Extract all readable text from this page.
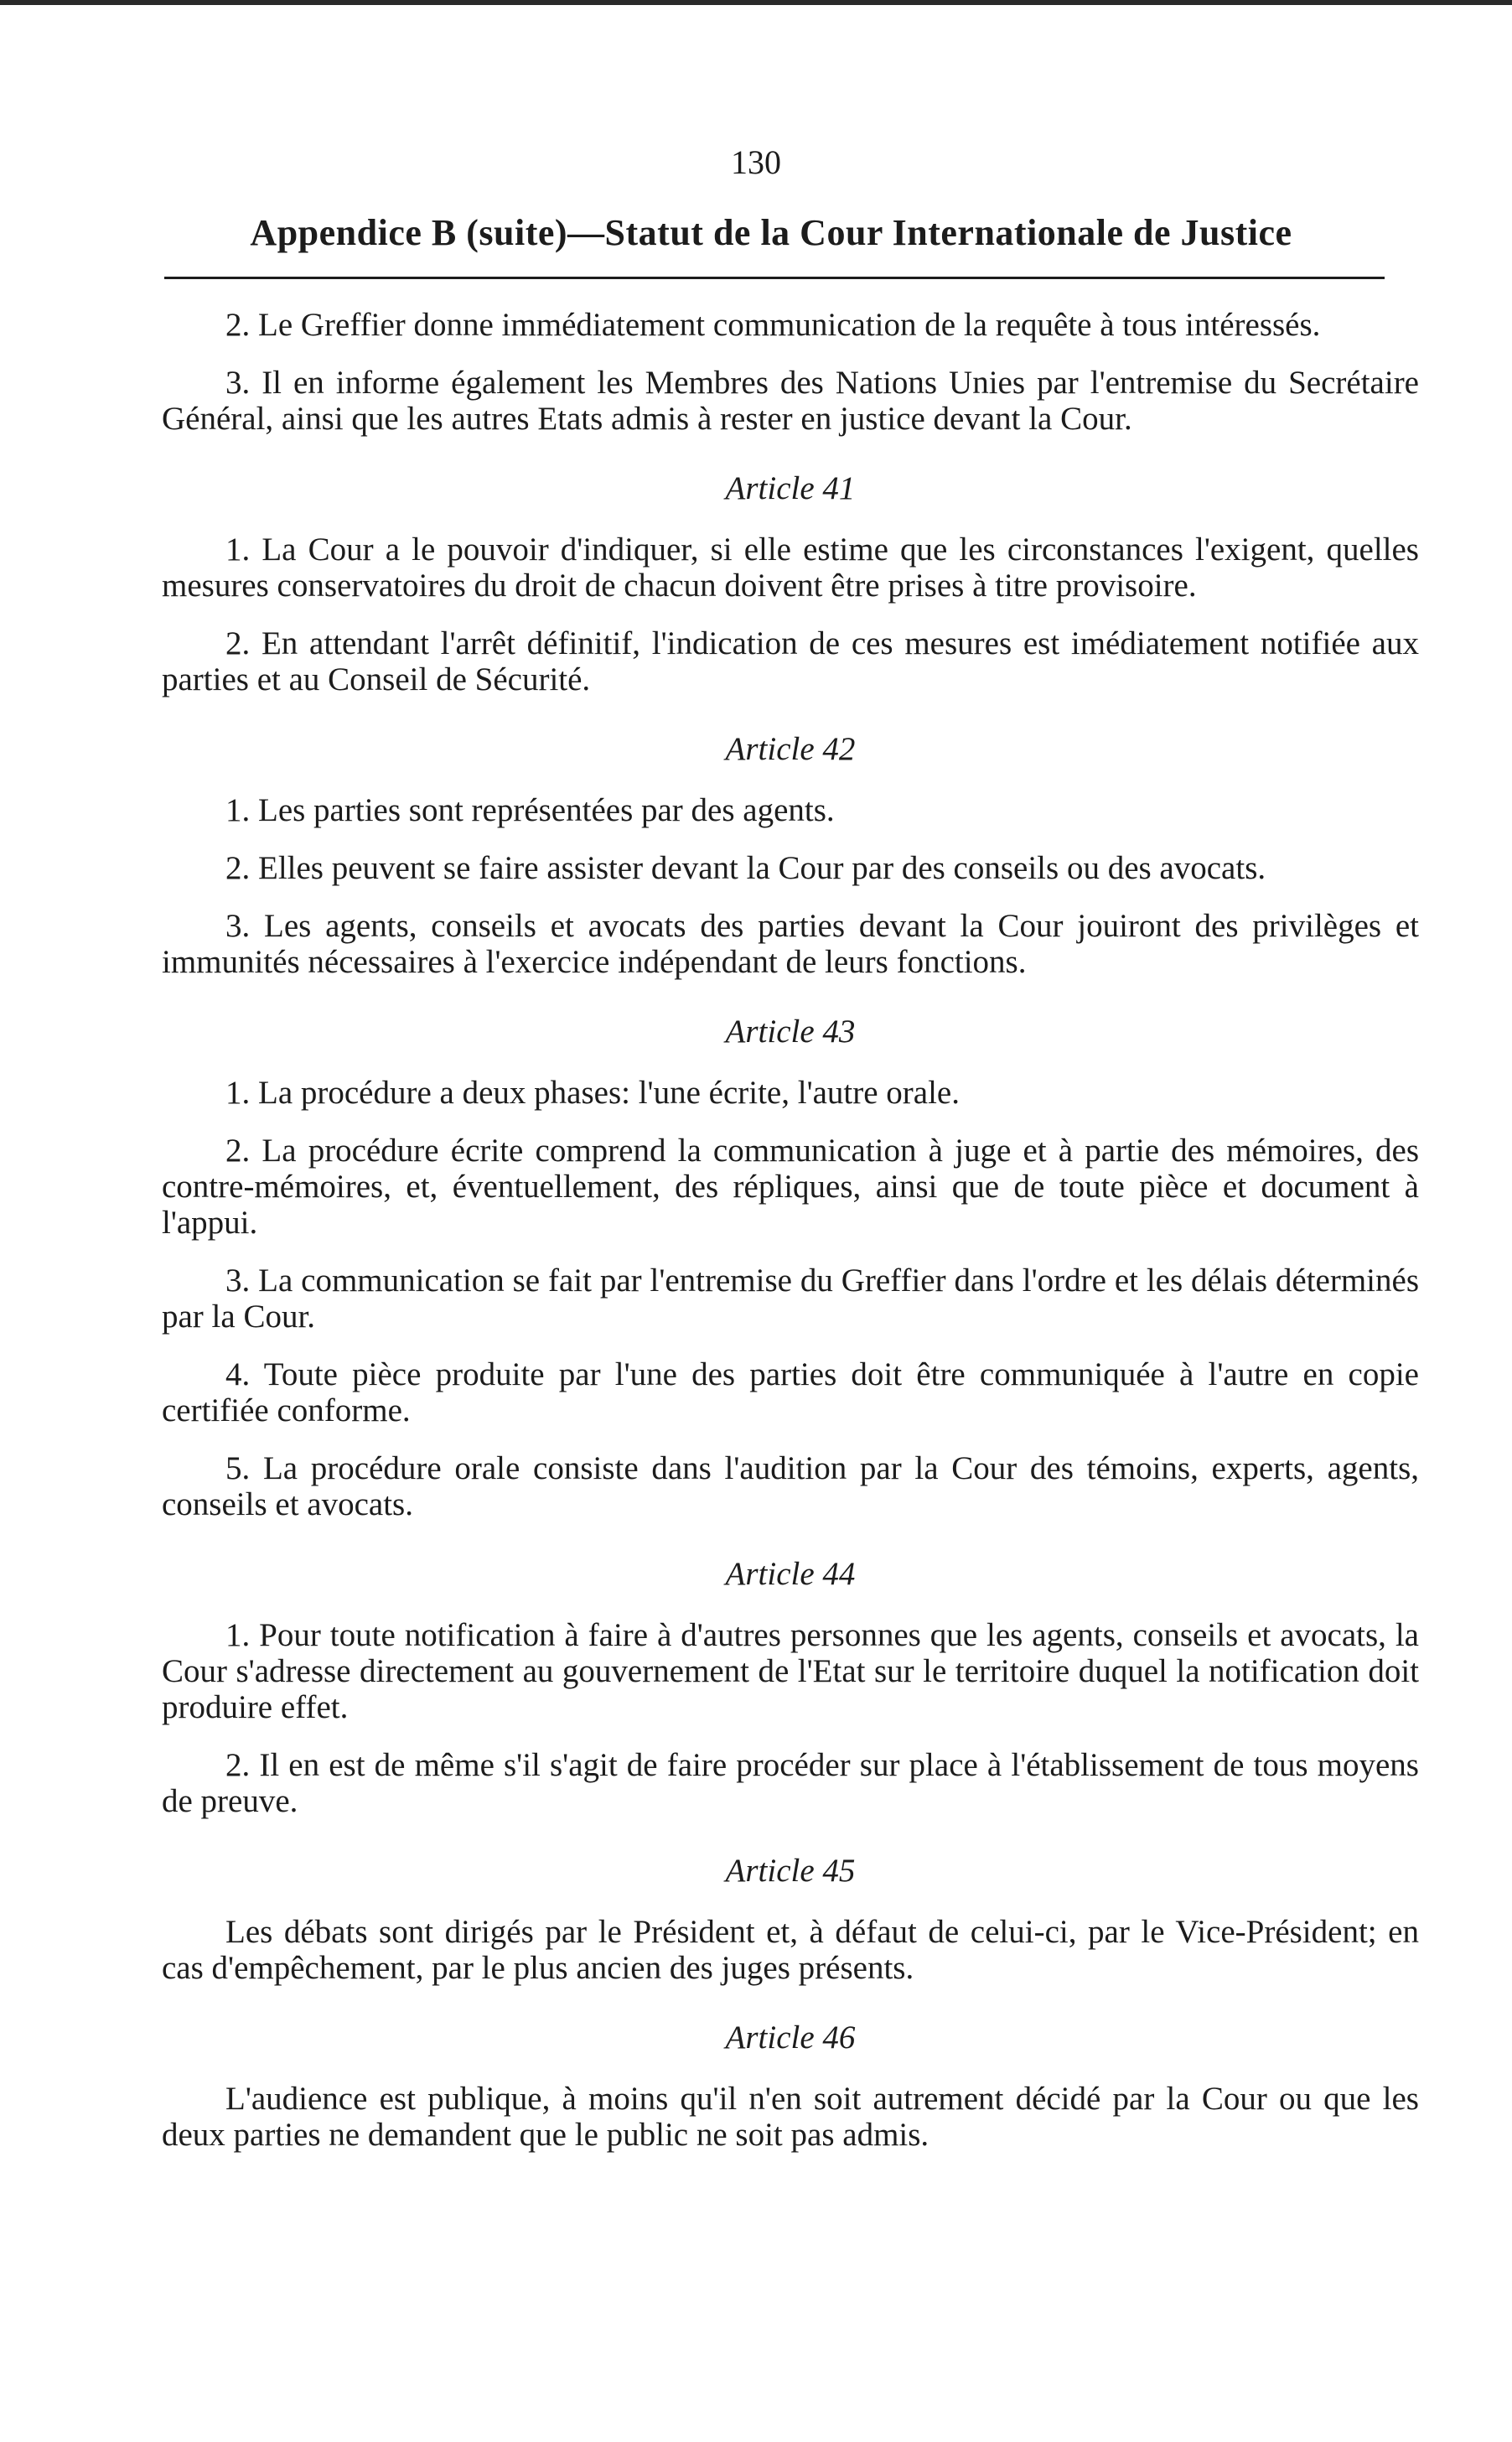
130
Appendice B (suite)—Statut de la Cour Internationale de Justice
2. Le Greffier donne immédiatement communication de la requête à tous intéressés.
3. Il en informe également les Membres des Nations Unies par l'entremise du Secrétaire Général, ainsi que les autres Etats admis à rester en justice devant la Cour.
Article 41
1. La Cour a le pouvoir d'indiquer, si elle estime que les circonstances l'exigent, quelles mesures conservatoires du droit de chacun doivent être prises à titre provisoire.
2. En attendant l'arrêt définitif, l'indication de ces mesures est imédiatement notifiée aux parties et au Conseil de Sécurité.
Article 42
1. Les parties sont représentées par des agents.
2. Elles peuvent se faire assister devant la Cour par des conseils ou des avocats.
3. Les agents, conseils et avocats des parties devant la Cour jouiront des privilèges et immunités nécessaires à l'exercice indépendant de leurs fonctions.
Article 43
1. La procédure a deux phases: l'une écrite, l'autre orale.
2. La procédure écrite comprend la communication à juge et à partie des mémoires, des contre-mémoires, et, éventuellement, des répliques, ainsi que de toute pièce et document à l'appui.
3. La communication se fait par l'entremise du Greffier dans l'ordre et les délais déterminés par la Cour.
4. Toute pièce produite par l'une des parties doit être communiquée à l'autre en copie certifiée conforme.
5. La procédure orale consiste dans l'audition par la Cour des témoins, experts, agents, conseils et avocats.
Article 44
1. Pour toute notification à faire à d'autres personnes que les agents, conseils et avocats, la Cour s'adresse directement au gouvernement de l'Etat sur le territoire duquel la notification doit produire effet.
2. Il en est de même s'il s'agit de faire procéder sur place à l'établissement de tous moyens de preuve.
Article 45
Les débats sont dirigés par le Président et, à défaut de celui-ci, par le Vice-Président; en cas d'empêchement, par le plus ancien des juges présents.
Article 46
L'audience est publique, à moins qu'il n'en soit autrement décidé par la Cour ou que les deux parties ne demandent que le public ne soit pas admis.
